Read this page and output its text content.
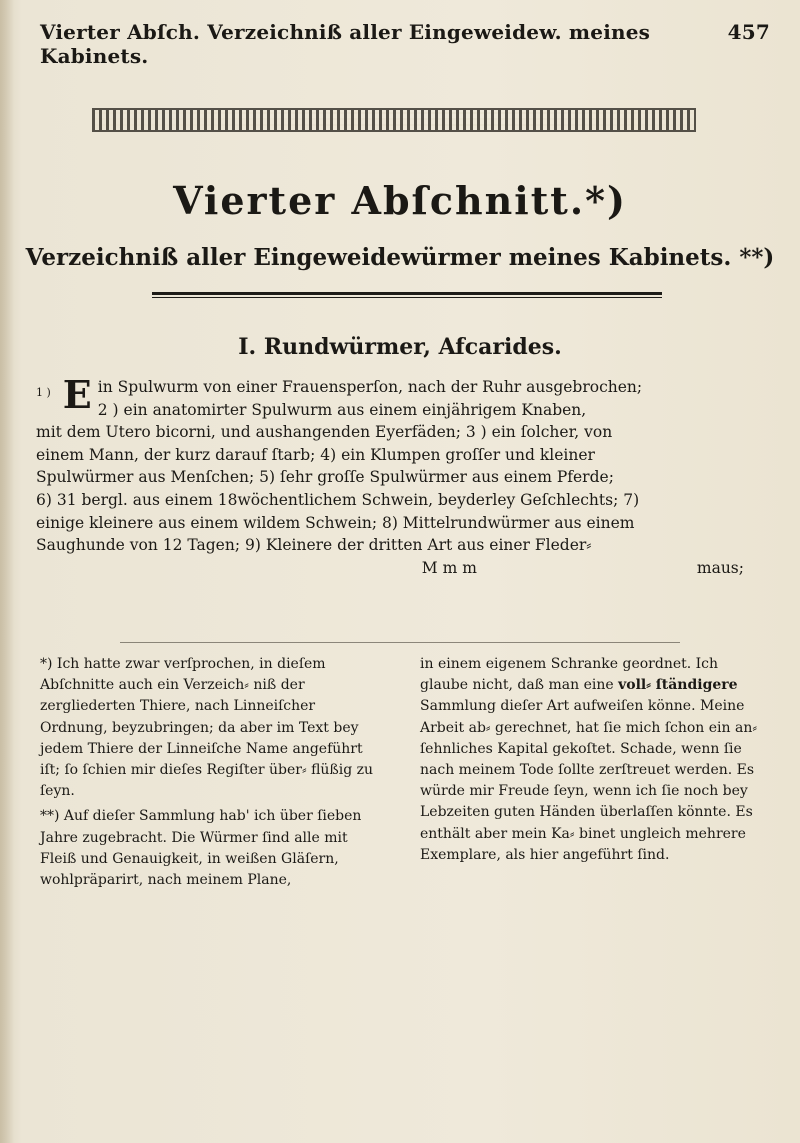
Vierter Abſch. Verzeichniß aller Eingeweidew. meines Kabinets.
457
Vierter Abſchnitt.*)
Verzeichniß aller Eingeweidewürmer meines Kabinets. **)
I. Rundwürmer, Afcarides.
1 ) E in Spulwurm von einer Frauensperſon, nach der Ruhr ausgebrochen;

2 ) ein anatomirter Spulwurm aus einem einjährigem Knaben,

mit dem Utero bicorni, und aushangenden Eyerfäden; 3 ) ein ſolcher, von

einem Mann, der kurz darauf ſtarb; 4) ein Klumpen groſſer und kleiner

Spulwürmer aus Menſchen; 5) ſehr groſſe Spulwürmer aus einem Pferde;

6) 31 bergl. aus einem 18wöchentlichem Schwein, beyderley Geſchlechts; 7)

einige kleinere aus einem wildem Schwein; 8) Mittelrundwürmer aus einem

Saughunde von 12 Tagen; 9) Kleinere der dritten Art aus einer Fleder⸗

M m m	maus;

*) Ich hatte zwar verſprochen, in dieſem Abſchnitte auch ein Verzeich⸗ niß der zergliederten Thiere, nach Linneiſcher Ordnung, beyzubringen; da aber im Text bey jedem Thiere der Linneiſche Name angeführt iſt; ſo ſchien mir dieſes Regiſter über⸗ flüßig zu ſeyn.

**) Auf dieſer Sammlung hab' ich über ſieben Jahre zugebracht. Die Würmer ſind alle mit Fleiß und Genauigkeit, in weißen Gläſern, wohlpräparirt, nach meinem Plane,

in einem eigenem Schranke geordnet. Ich glaube nicht, daß man eine voll⸗ ſtändigere Sammlung dieſer Art aufweiſen könne. Meine Arbeit ab⸗ gerechnet, hat ſie mich ſchon ein an⸗ ſehnliches Kapital gekoſtet. Schade, wenn ſie nach meinem Tode ſollte zerſtreuet werden. Es würde mir Freude ſeyn, wenn ich ſie noch bey Lebzeiten guten Händen überlaſſen könnte. Es enthält aber mein Ka⸗ binet ungleich mehrere Exemplare, als hier angeführt ſind.
